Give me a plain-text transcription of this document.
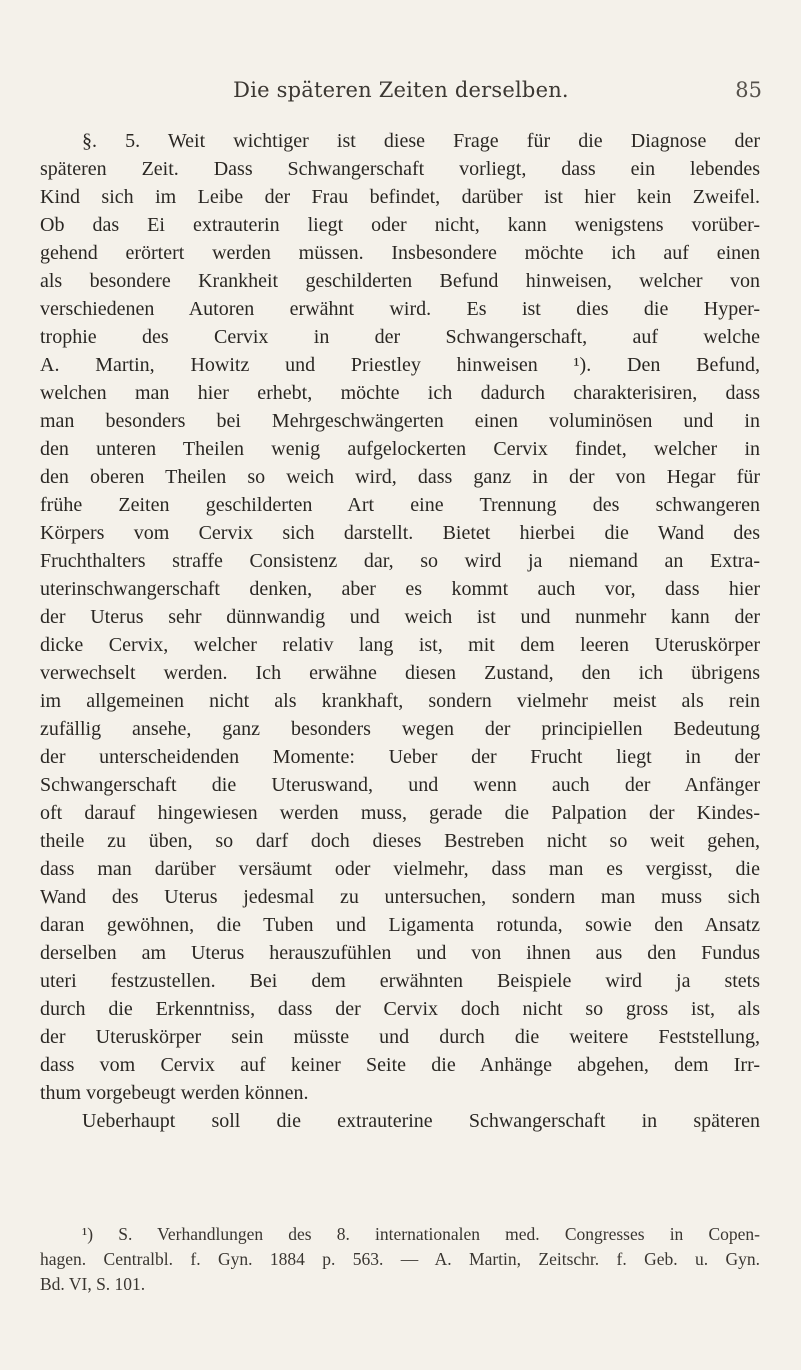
Die späteren Zeiten derselben.	85
§. 5. Weit wichtiger ist diese Frage für die Diagnose der
späteren Zeit. Dass Schwangerschaft vorliegt, dass ein lebendes
Kind sich im Leibe der Frau befindet, darüber ist hier kein Zweifel.
Ob das Ei extrauterin liegt oder nicht, kann wenigstens vorüber-
gehend erörtert werden müssen. Insbesondere möchte ich auf einen
als besondere Krankheit geschilderten Befund hinweisen, welcher von
verschiedenen Autoren erwähnt wird. Es ist dies die Hyper-
trophie des Cervix in der Schwangerschaft, auf welche
A. Martin, Howitz und Priestley hinweisen ¹). Den Befund,
welchen man hier erhebt, möchte ich dadurch charakterisiren, dass
man besonders bei Mehrgeschwängerten einen voluminösen und in
den unteren Theilen wenig aufgelockerten Cervix findet, welcher in
den oberen Theilen so weich wird, dass ganz in der von Hegar für
frühe Zeiten geschilderten Art eine Trennung des schwangeren
Körpers vom Cervix sich darstellt. Bietet hierbei die Wand des
Fruchthalters straffe Consistenz dar, so wird ja niemand an Extra-
uterinschwangerschaft denken, aber es kommt auch vor, dass hier
der Uterus sehr dünnwandig und weich ist und nunmehr kann der
dicke Cervix, welcher relativ lang ist, mit dem leeren Uteruskörper
verwechselt werden. Ich erwähne diesen Zustand, den ich übrigens
im allgemeinen nicht als krankhaft, sondern vielmehr meist als rein
zufällig ansehe, ganz besonders wegen der principiellen Bedeutung
der unterscheidenden Momente: Ueber der Frucht liegt in der
Schwangerschaft die Uteruswand, und wenn auch der Anfänger
oft darauf hingewiesen werden muss, gerade die Palpation der Kindes-
theile zu üben, so darf doch dieses Bestreben nicht so weit gehen,
dass man darüber versäumt oder vielmehr, dass man es vergisst, die
Wand des Uterus jedesmal zu untersuchen, sondern man muss sich
daran gewöhnen, die Tuben und Ligamenta rotunda, sowie den Ansatz
derselben am Uterus herauszufühlen und von ihnen aus den Fundus
uteri festzustellen. Bei dem erwähnten Beispiele wird ja stets
durch die Erkenntniss, dass der Cervix doch nicht so gross ist, als
der Uteruskörper sein müsste und durch die weitere Feststellung,
dass vom Cervix auf keiner Seite die Anhänge abgehen, dem Irr-
thum vorgebeugt werden können.
Ueberhaupt soll die extrauterine Schwangerschaft in späteren
¹) S. Verhandlungen des 8. internationalen med. Congresses in Copen-
hagen. Centralbl. f. Gyn. 1884 p. 563. — A. Martin, Zeitschr. f. Geb. u. Gyn.
Bd. VI, S. 101.
